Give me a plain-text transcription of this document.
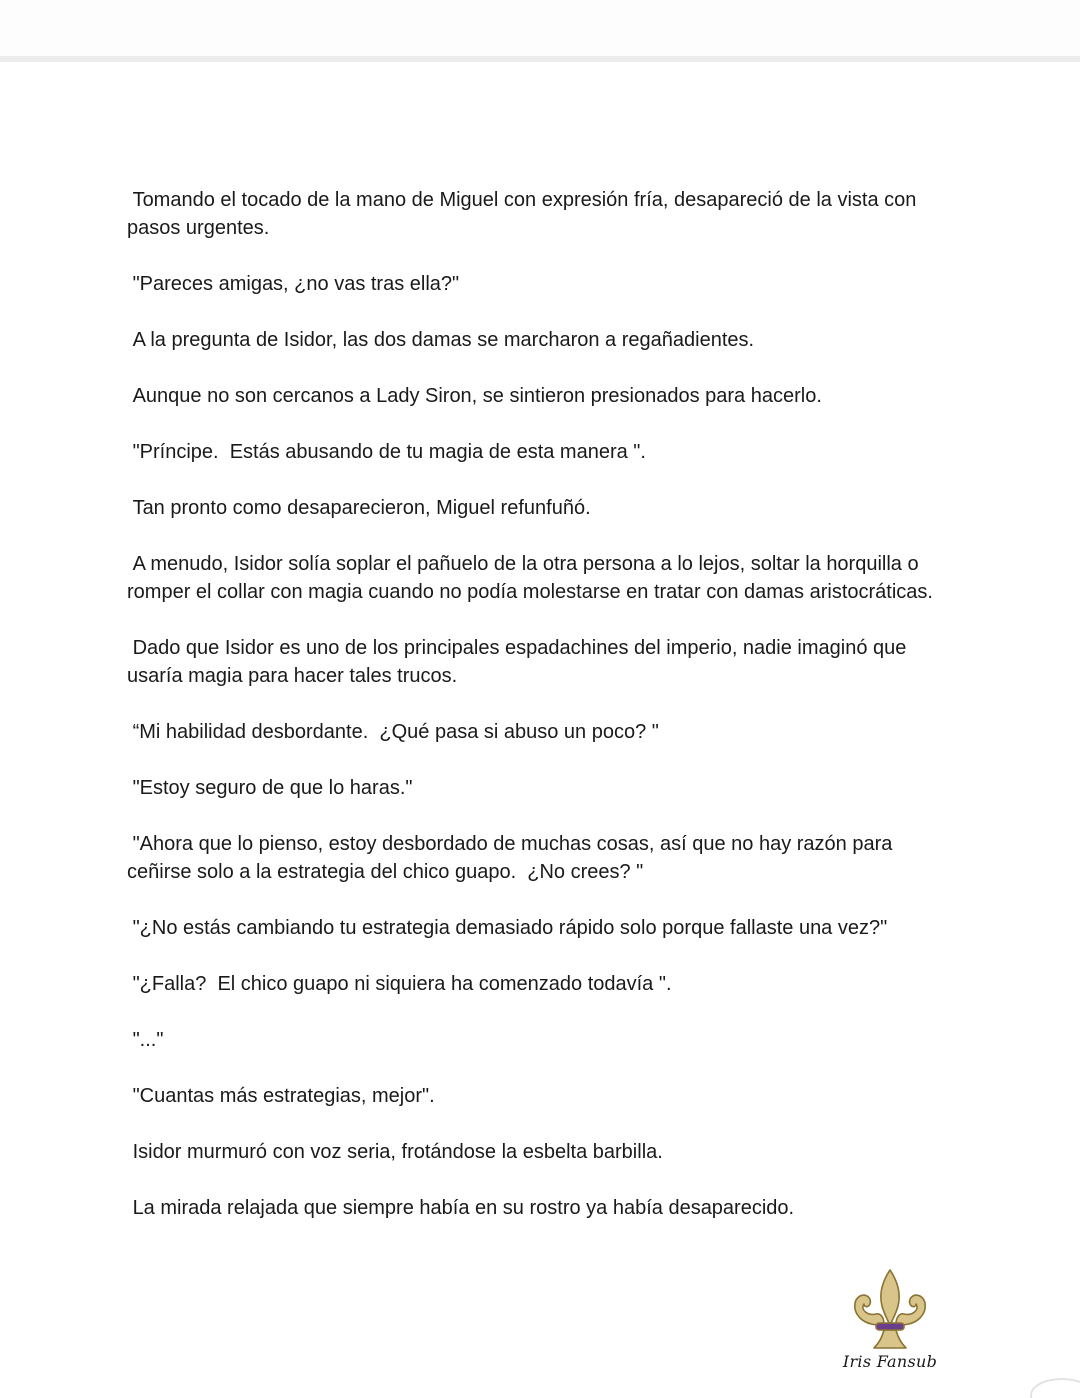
Tomando el tocado de la mano de Miguel con expresión fría, desapareció de la vista con pasos urgentes.

"Pareces amigas, ¿no vas tras ella?"

A la pregunta de Isidor, las dos damas se marcharon a regañadientes.

Aunque no son cercanos a Lady Siron, se sintieron presionados para hacerlo.

"Príncipe.  Estás abusando de tu magia de esta manera ".

Tan pronto como desaparecieron, Miguel refunfuñó.

A menudo, Isidor solía soplar el pañuelo de la otra persona a lo lejos, soltar la horquilla o romper el collar con magia cuando no podía molestarse en tratar con damas aristocráticas.

Dado que Isidor es uno de los principales espadachines del imperio, nadie imaginó que usaría magia para hacer tales trucos.

“Mi habilidad desbordante.  ¿Qué pasa si abuso un poco? "

"Estoy seguro de que lo haras."

"Ahora que lo pienso, estoy desbordado de muchas cosas, así que no hay razón para ceñirse solo a la estrategia del chico guapo.  ¿No crees? "

"¿No estás cambiando tu estrategia demasiado rápido solo porque fallaste una vez?"

"¿Falla?  El chico guapo ni siquiera ha comenzado todavía ".

"..."

"Cuantas más estrategias, mejor".

Isidor murmuró con voz seria, frotándose la esbelta barbilla.

La mirada relajada que siempre había en su rostro ya había desaparecido.

Iris Fansub
